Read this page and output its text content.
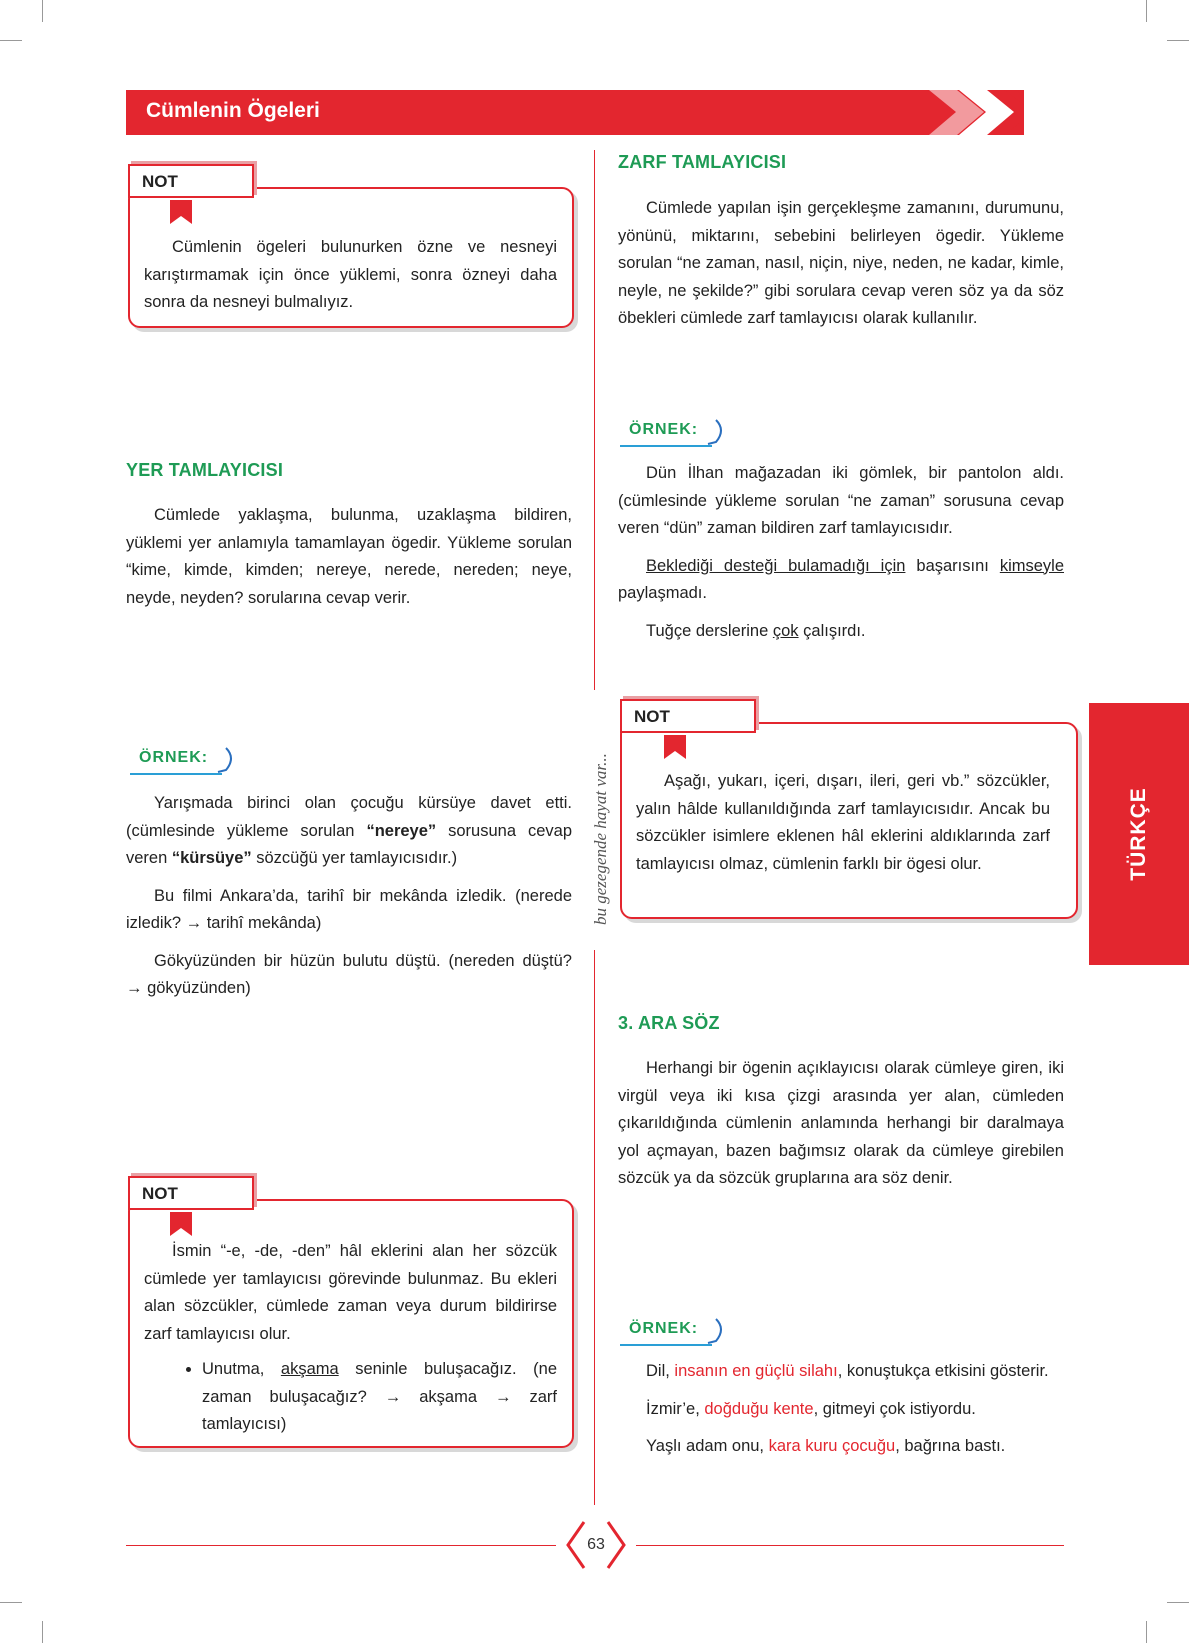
Cümlenin Ögeleri
NOT

Cümlenin ögeleri bulunurken özne ve nesneyi karıştırmamak için önce yüklemi, sonra özneyi daha sonra da nesneyi bulmalıyız.

YER TAMLAYICISI

Cümlede yaklaşma, bulunma, uzaklaşma bildiren, yüklemi yer anlamıyla tamamlayan ögedir. Yükleme sorulan “kime, kimde, kimden; nereye, nerede, nereden; neye, neyde, neyden? sorularına cevap verir.

ÖRNEK:

Yarışmada birinci olan çocuğu kürsüye davet etti. (cümlesinde yükleme sorulan “nereye” sorusuna cevap veren “kürsüye” sözcüğü yer tamlayıcısıdır.)

Bu filmi Ankara’da, tarihî bir mekânda izledik. (nerede izledik? → tarihî mekânda)

Gökyüzünden bir hüzün bulutu düştü. (nereden düştü? → gökyüzünden)

NOT

İsmin “-e, -de, -den” hâl eklerini alan her sözcük cümlede yer tamlayıcısı görevinde bulunmaz. Bu ekleri alan sözcükler, cümlede zaman veya durum bildirirse zarf tamlayıcısı olur.

• Unutma, akşama seninle buluşacağız. (ne zaman buluşacağız? → akşama → zarf tamlayıcısı)
bu gezegende hayat var...
ZARF TAMLAYICISI

Cümlede yapılan işin gerçekleşme zamanını, durumunu, yönünü, miktarını, sebebini belirleyen ögedir. Yükleme sorulan “ne zaman, nasıl, niçin, niye, neden, ne kadar, kimle, neyle, ne şekilde?” gibi sorulara cevap veren söz ya da söz öbekleri cümlede zarf tamlayıcısı olarak kullanılır.

ÖRNEK:

Dün İlhan mağazadan iki gömlek, bir pantolon aldı. (cümlesinde yükleme sorulan “ne zaman” sorusuna cevap veren “dün” zaman bildiren zarf tamlayıcısıdır.

Beklediği desteği bulamadığı için başarısını kimseyle paylaşmadı.

Tuğçe derslerine çok çalışırdı.

NOT

Aşağı, yukarı, içeri, dışarı, ileri, geri vb.” sözcükler, yalın hâlde kullanıldığında zarf tamlayıcısıdır. Ancak bu sözcükler isimlere eklenen hâl eklerini aldıklarında zarf tamlayıcısı olmaz, cümlenin farklı bir ögesi olur.	TÜRKÇE
3. ARA SÖZ

Herhangi bir ögenin açıklayıcısı olarak cümleye giren, iki virgül veya iki kısa çizgi arasında yer alan, cümleden çıkarıldığında cümlenin anlamında herhangi bir daralmaya yol açmayan, bazen bağımsız olarak da cümleye girebilen sözcük ya da sözcük gruplarına ara söz denir.

ÖRNEK:

Dil, insanın en güçlü silahı, konuştukça etkisini gösterir.

İzmir’e, doğduğu kente, gitmeyi çok istiyordu.

Yaşlı adam onu, kara kuru çocuğu, bağrına bastı.

63
